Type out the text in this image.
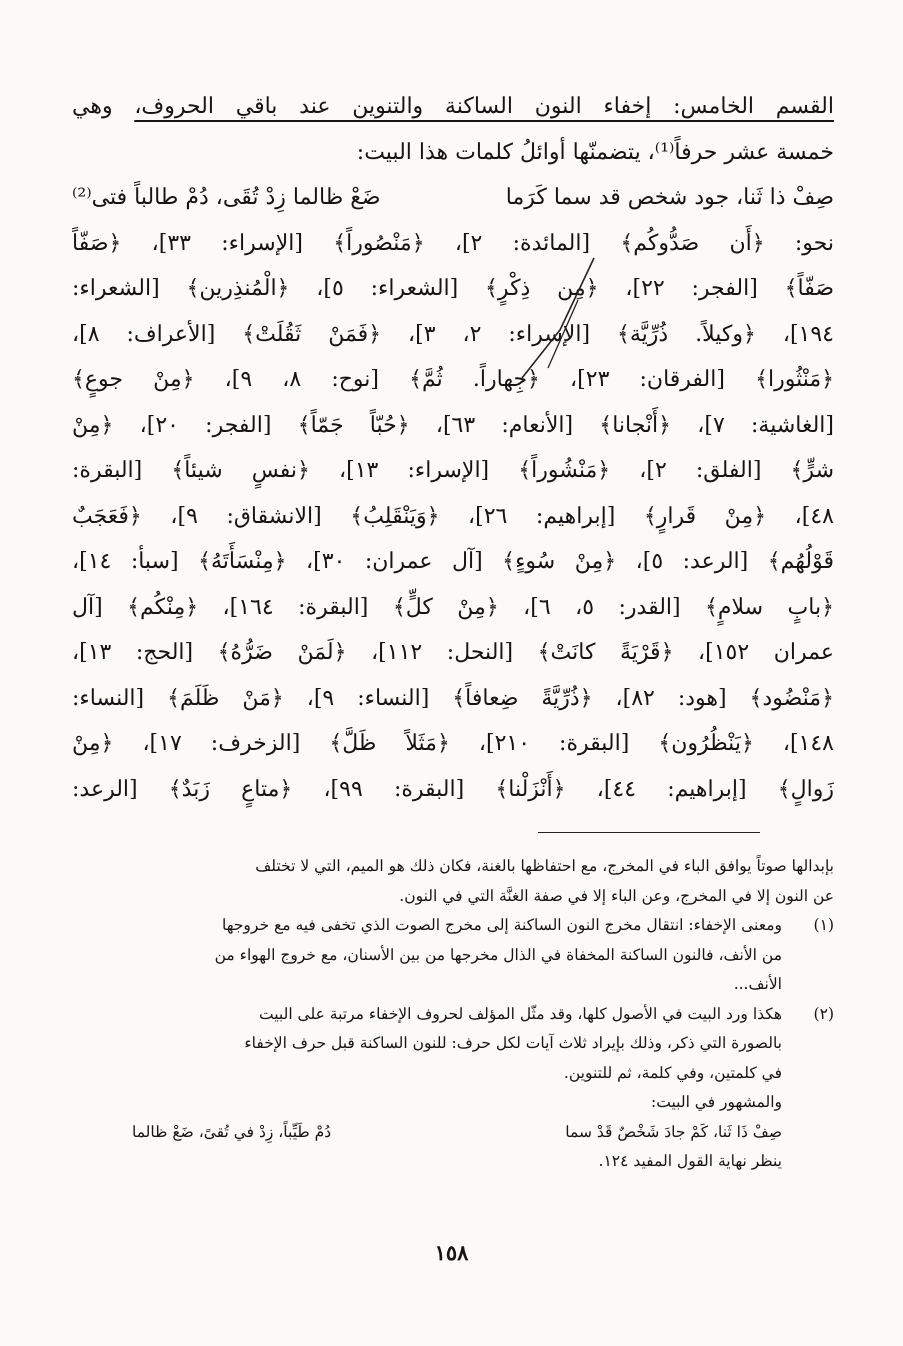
القسم الخامس: إخفاء النون الساكنة والتنوين عند باقي الحروف، وهي
خمسة عشر حرفاً⁽¹⁾، يتضمنّها أوائلُ كلمات هذا البيت:
صِفْ ذا ثَنا، جود شخص قد سما كَرَما
ضَعْ ظالما زِدْ تُقَى، دُمْ طالباً فتى⁽²⁾
نحو: ﴿أَن صَدُّوكُم﴾ [المائدة: ٢]، ﴿مَنْصُوراً﴾ [الإسراء: ٣٣]، ﴿صَفّاً
صَفّاً﴾ [الفجر: ٢٢]، ﴿مِن ذِكْرٍ﴾ [الشعراء: ٥]، ﴿الْمُنذِرين﴾ [الشعراء:
١٩٤]، ﴿وكيلاً. ذُرِّيَّة﴾ [الإسراء: ٢، ٣]، ﴿فَمَنْ ثَقُلَتْ﴾ [الأعراف: ٨]،
﴿مَنْثُورا﴾ [الفرقان: ٢٣]، ﴿جِهاراً. ثُمَّ﴾ [نوح: ٨، ٩]، ﴿مِنْ جوعٍ﴾
[الغاشية: ٧]، ﴿أَنْجانا﴾ [الأنعام: ٦٣]، ﴿حُبّاً جَمّاً﴾ [الفجر: ٢٠]، ﴿مِنْ
شرٍّ﴾ [الفلق: ٢]، ﴿مَنْشُوراً﴾ [الإسراء: ١٣]، ﴿نفسٍ شيئاً﴾ [البقرة:
٤٨]، ﴿مِنْ قَرارٍ﴾ [إبراهيم: ٢٦]، ﴿وَيَنْقَلِبُ﴾ [الانشقاق: ٩]، ﴿فَعَجَبٌ
قَوْلُهُم﴾ [الرعد: ٥]، ﴿مِنْ سُوءٍ﴾ [آل عمران: ٣٠]، ﴿مِنْسَأَتَهُ﴾ [سبأ: ١٤]،
﴿بابٍ سلامٍ﴾ [القدر: ٥، ٦]، ﴿مِنْ كلٍّ﴾ [البقرة: ١٦٤]، ﴿مِنْكُم﴾ [آل
عمران ١٥٢]، ﴿قَرْيَةً كانَتْ﴾ [النحل: ١١٢]، ﴿لَمَنْ ضَرُّهُ﴾ [الحج: ١٣]،
﴿مَنْضُود﴾ [هود: ٨٢]، ﴿ذُرِّيَّةً ضِعافاً﴾ [النساء: ٩]، ﴿مَنْ ظَلَمَ﴾ [النساء:
١٤٨]، ﴿يَنْظُرُون﴾ [البقرة: ٢١٠]، ﴿مَثَلاً ظَلَّ﴾ [الزخرف: ١٧]، ﴿مِنْ
زَوالٍ﴾ [إبراهيم: ٤٤]، ﴿أَنْزَلْنا﴾ [البقرة: ٩٩]، ﴿متاعٍ زَبَدٌ﴾ [الرعد:
بإبدالها صوتاً يوافق الباء في المخرج، مع احتفاظها بالغنة، فكان ذلك هو الميم، التي لا تختلف
عن النون إلا في المخرج، وعن الباء إلا في صفة الغنَّة التي في النون.
(١)
ومعنى الإخفاء: انتقال مخرج النون الساكنة إلى مخرج الصوت الذي تخفى فيه مع خروجها
من الأنف، فالنون الساكنة المخفاة في الذال مخرجها من بين الأسنان، مع خروج الهواء من
الأنف...
(٢)
هكذا ورد البيت في الأصول كلها، وقد مثّل المؤلف لحروف الإخفاء مرتبة على البيت
بالصورة التي ذكر، وذلك بإيراد ثلاث آيات لكل حرف: للنون الساكنة قبل حرف الإخفاء
في كلمتين، وفي كلمة، ثم للتنوين.
والمشهور في البيت:
صِفْ ذَا ثَنا، كَمْ جادَ شَخْصٌ قَدْ سما
دُمْ طَيِّباً، زِدْ في تُقىً، ضَعْ ظالما
ينظر نهاية القول المفيد ١٢٤.
١٥٨
